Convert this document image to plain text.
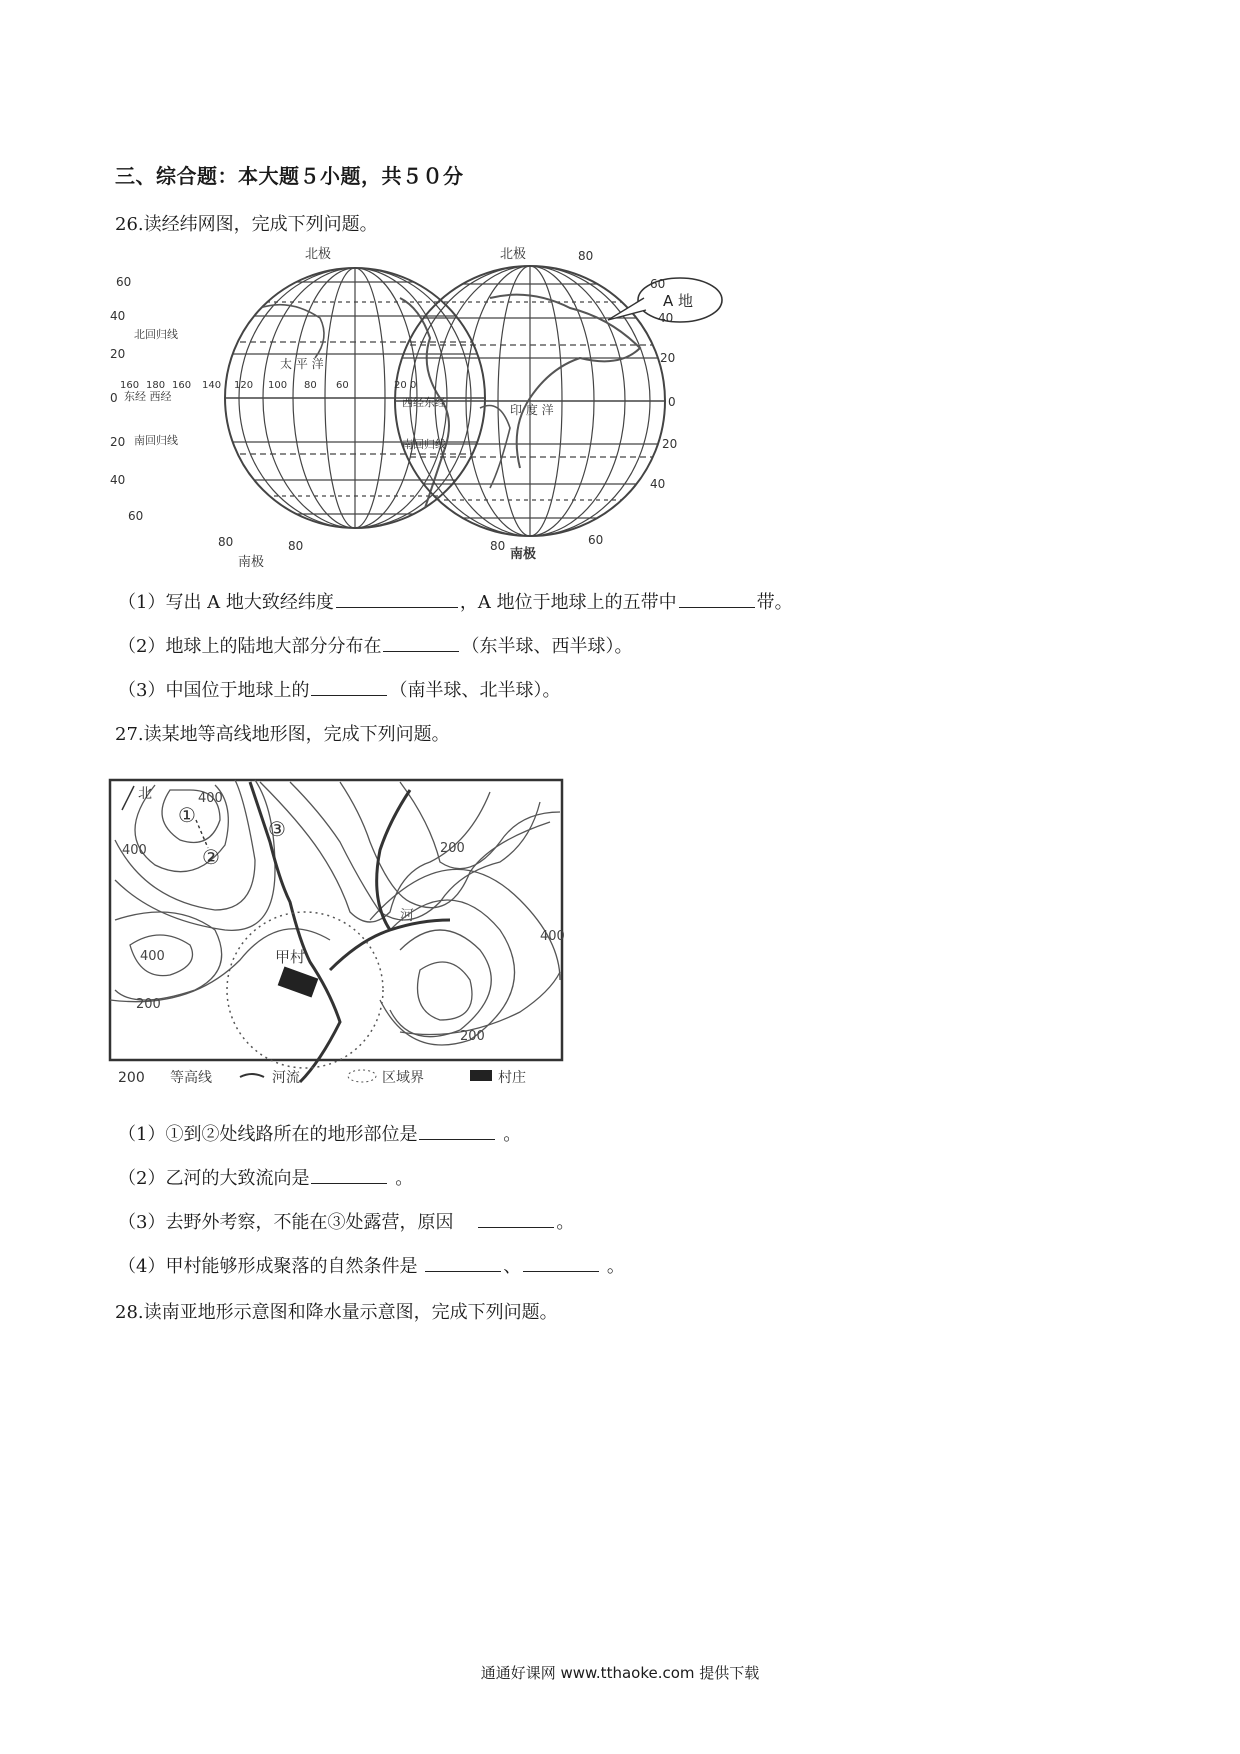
三、综合题：本大题５小题，共５０分
26.读经纬网图，完成下列问题。
A 地
北极
南极
北极
南极
北回归线
南回归线	南回归线
东经 西经	西经东经
太 平 洋
印 度 洋
60
40
20
0
20
40
60
80	80
60
40
20
0
20
40
60
80
80
160 180 160 140 120 100 80 60	20 0
（1）写出 A 地大致经纬度	，A 地位于地球上的五带中	带。
（2）地球上的陆地大部分分布在	（东半球、西半球）。
（3）中国位于地球上的	（南半球、北半球）。
27.读某地等高线地形图，完成下列问题。
甲村
北
①
②
③
河
400
400
400
400
200
200
200
200 等高线	河流	区域界	村庄
（1）①到②处线路所在的地形部位是	。
（2）乙河的大致流向是	。
（3）去野外考察，不能在③处露营，原因	。
（4）甲村能够形成聚落的自然条件是	、	。
28.读南亚地形示意图和降水量示意图，完成下列问题。
通通好课网 www.tthaoke.com 提供下载
